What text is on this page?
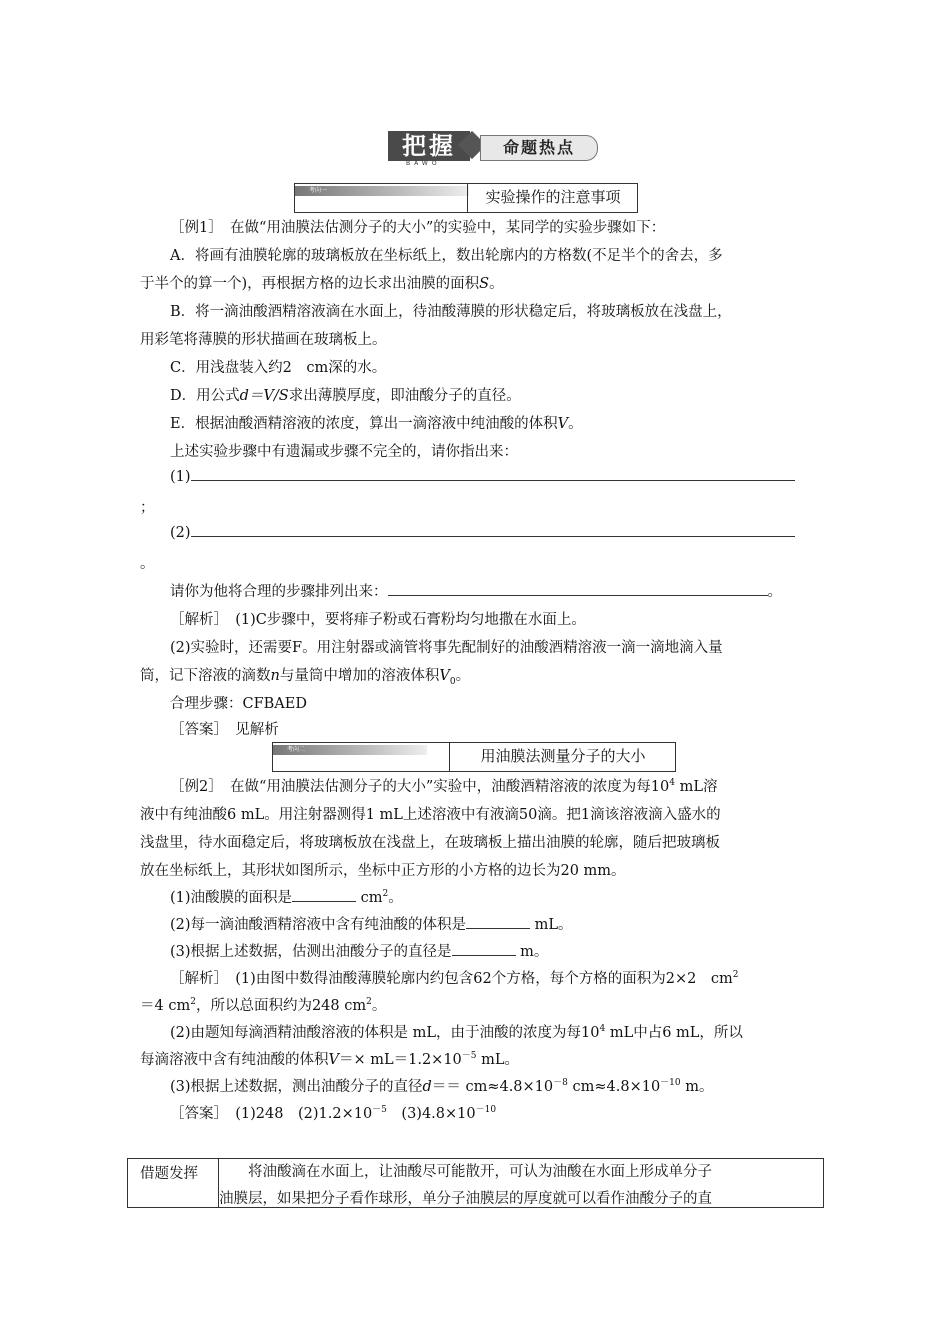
把握
BAWO
命题热点
考向一	实验操作的注意事项
［例1］　在做“用油膜法估测分子的大小”的实验中，某同学的实验步骤如下：
A．将画有油膜轮廓的玻璃板放在坐标纸上，数出轮廓内的方格数(不足半个的舍去，多
于半个的算一个)，再根据方格的边长求出油膜的面积S。
B．将一滴油酸酒精溶液滴在水面上，待油酸薄膜的形状稳定后，将玻璃板放在浅盘上，
用彩笔将薄膜的形状描画在玻璃板上。
C．用浅盘装入约2　cm深的水。
D．用公式d＝V/S求出薄膜厚度，即油酸分子的直径。
E．根据油酸酒精溶液的浓度，算出一滴溶液中纯油酸的体积V。
上述实验步骤中有遗漏或步骤不完全的，请你指出来：
(1)
；
(2)
。
请你为他将合理的步骤排列出来：	。
［解析］　(1)C步骤中，要将痱子粉或石膏粉均匀地撒在水面上。
(2)实验时，还需要F。用注射器或滴管将事先配制好的油酸酒精溶液一滴一滴地滴入量
筒，记下溶液的滴数n与量筒中增加的溶液体积$V_0$。
合理步骤：CFBAED
［答案］　见解析
考向二	用油膜法测量分子的大小
［例2］　在做“用油膜法估测分子的大小”实验中，油酸酒精溶液的浓度为每$10^4$ mL溶
液中有纯油酸6 mL。用注射器测得1 mL上述溶液中有液滴50滴。把1滴该溶液滴入盛水的
浅盘里，待水面稳定后，将玻璃板放在浅盘上，在玻璃板上描出油膜的轮廓，随后把玻璃板
放在坐标纸上，其形状如图所示，坐标中正方形的小方格的边长为20 mm。
(1)油酸膜的面积是	$cm^2$。
(2)每一滴油酸酒精溶液中含有纯油酸的体积是	mL。
(3)根据上述数据，估测出油酸分子的直径是	m。
［解析］　(1)由图中数得油酸薄膜轮廓内约包含62个方格，每个方格的面积为2×2　$cm^2$
＝4 $cm^2$，所以总面积约为248 $cm^2$。
(2)由题知每滴酒精油酸溶液的体积是 mL，由于油酸的浓度为每$10^4$ mL中占6 mL，所以
每滴溶液中含有纯油酸的体积$V=\times mL=1.2\times 10^{-5}$ mL。
(3)根据上述数据，测出油酸分子的直径$d== cm\approx 4.8\times 10^{-8}$ $cm\approx 4.8\times 10^{-10}$ m。
［答案］　(1)248　$(2)1.2\times 10^{-5}$　$(3)4.8\times 10^{-10}$
借题发挥 　　将油酸滴在水面上，让油酸尽可能散开，可认为油酸在水面上形成单分子
油膜层，如果把分子看作球形，单分子油膜层的厚度就可以看作油酸分子的直
